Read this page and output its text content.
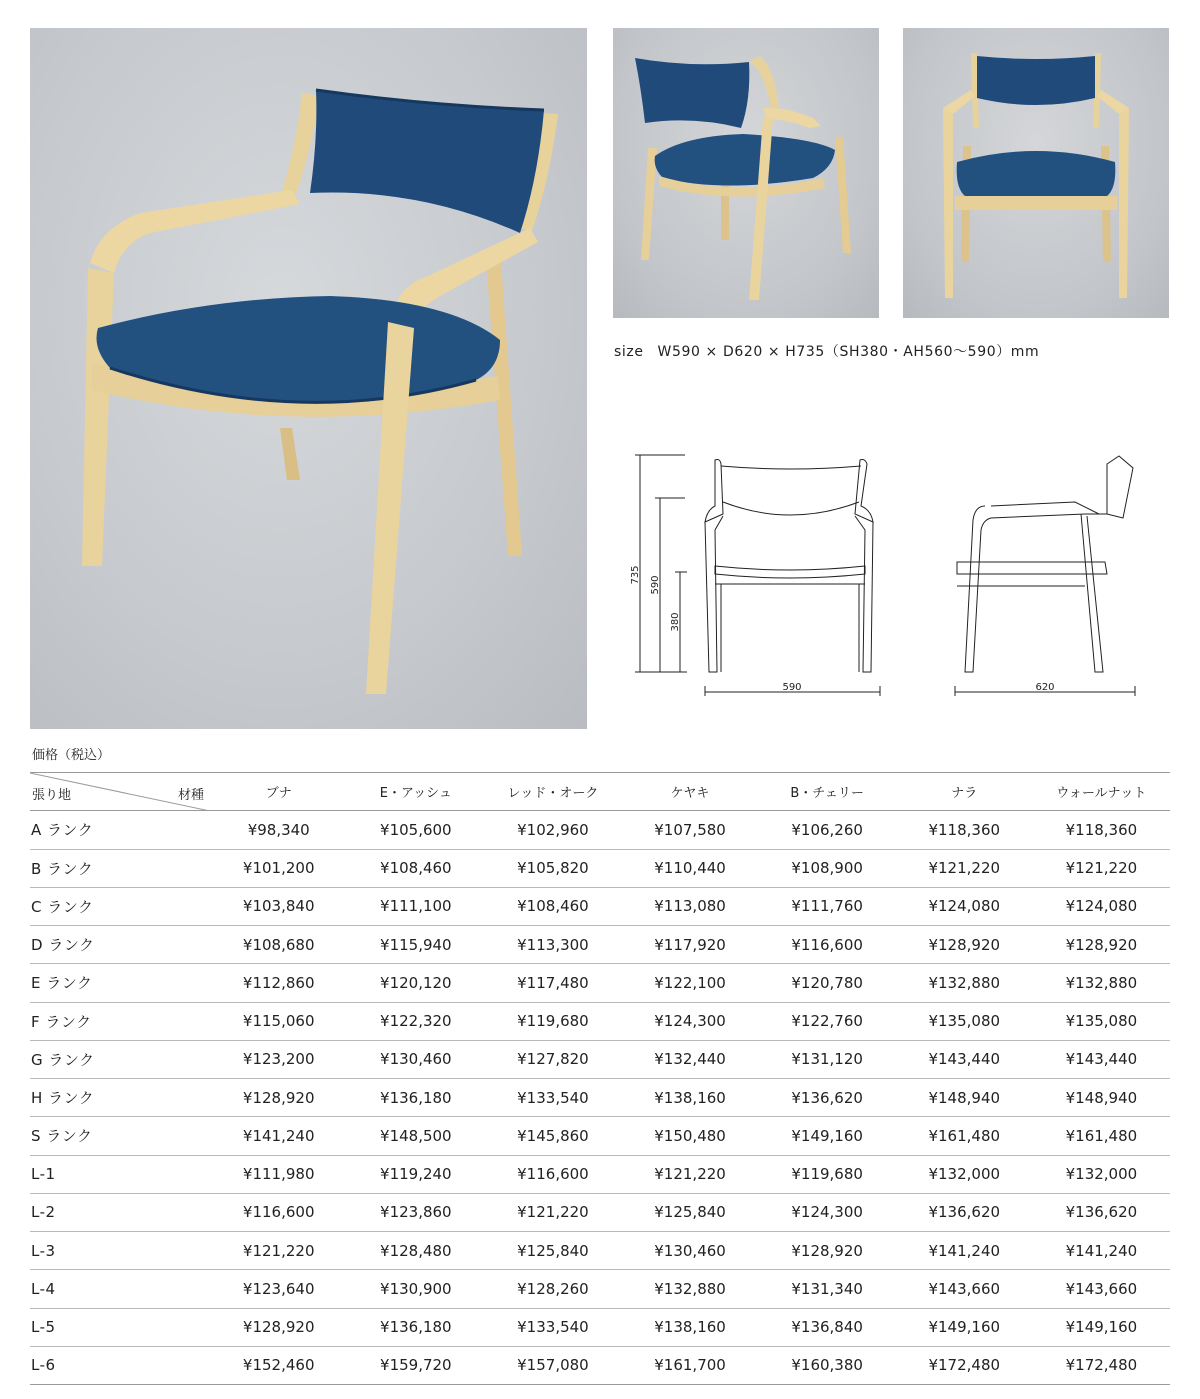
size W590 × D620 × H735（SH380・AH560〜590）mm
735
590
380
590	620
価格（税込）
張り地 材種	ブナ	E・アッシュ	レッド・オーク	ケヤキ	B・チェリー	ナラ	ウォールナット
A ランク	¥98,340	¥105,600	¥102,960	¥107,580	¥106,260	¥118,360	¥118,360
B ランク	¥101,200	¥108,460	¥105,820	¥110,440	¥108,900	¥121,220	¥121,220
C ランク	¥103,840	¥111,100	¥108,460	¥113,080	¥111,760	¥124,080	¥124,080
D ランク	¥108,680	¥115,940	¥113,300	¥117,920	¥116,600	¥128,920	¥128,920
E ランク	¥112,860	¥120,120	¥117,480	¥122,100	¥120,780	¥132,880	¥132,880
F ランク	¥115,060	¥122,320	¥119,680	¥124,300	¥122,760	¥135,080	¥135,080
G ランク	¥123,200	¥130,460	¥127,820	¥132,440	¥131,120	¥143,440	¥143,440
H ランク	¥128,920	¥136,180	¥133,540	¥138,160	¥136,620	¥148,940	¥148,940
S ランク	¥141,240	¥148,500	¥145,860	¥150,480	¥149,160	¥161,480	¥161,480
L-1	¥111,980	¥119,240	¥116,600	¥121,220	¥119,680	¥132,000	¥132,000
L-2	¥116,600	¥123,860	¥121,220	¥125,840	¥124,300	¥136,620	¥136,620
L-3	¥121,220	¥128,480	¥125,840	¥130,460	¥128,920	¥141,240	¥141,240
L-4	¥123,640	¥130,900	¥128,260	¥132,880	¥131,340	¥143,660	¥143,660
L-5	¥128,920	¥136,180	¥133,540	¥138,160	¥136,840	¥149,160	¥149,160
L-6	¥152,460	¥159,720	¥157,080	¥161,700	¥160,380	¥172,480	¥172,480
